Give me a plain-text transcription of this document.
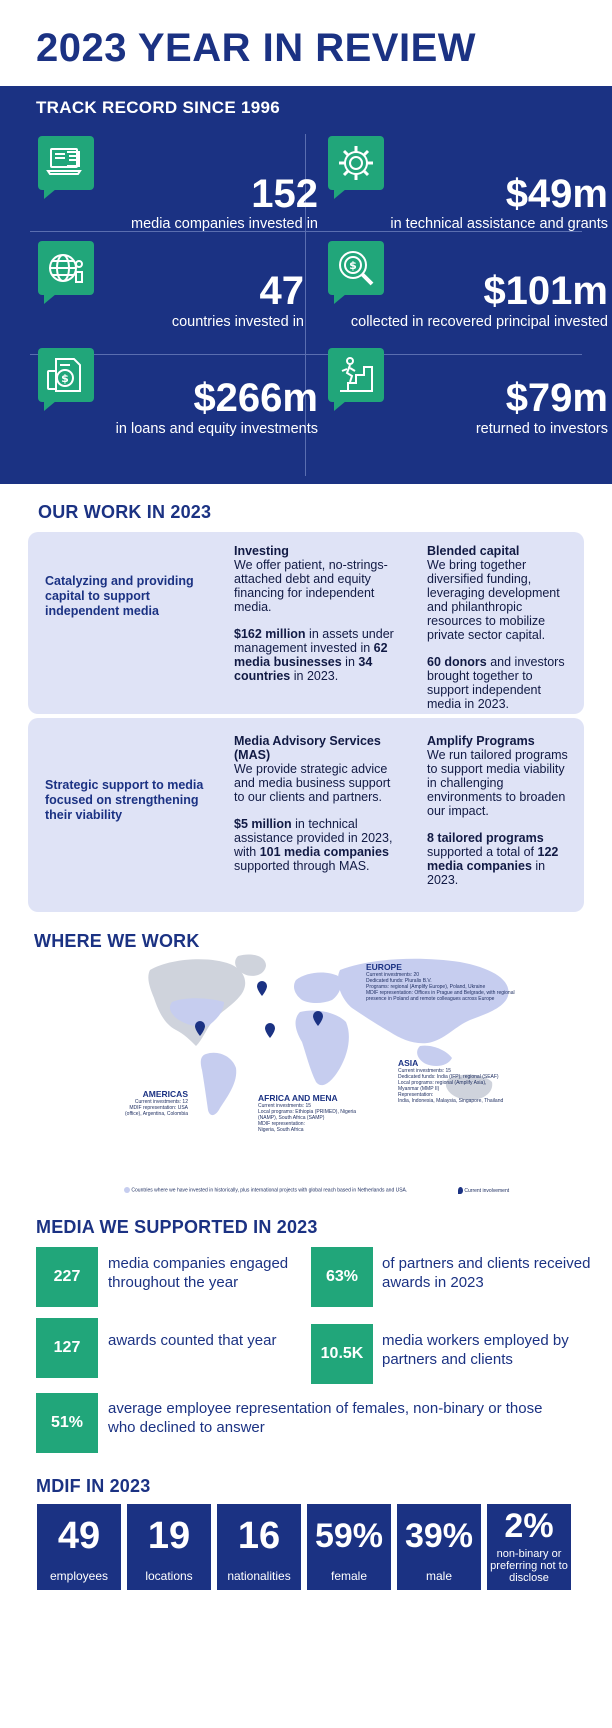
2023 YEAR IN REVIEW
TRACK RECORD SINCE 1996
152
media companies invested in
$49m
in technical assistance and grants
47
countries invested in
$
$101m
collected in recovered principal invested
$	$266m
in loans and equity investments
$79m
returned to investors
OUR WORK IN 2023
Catalyzing and providing capital to support independent media

Investing
We offer patient, no-strings-attached debt and equity financing for independent media.

$162 million in assets under management invested in 62 media businesses in 34 countries in 2023.

Blended capital
We bring together diversified funding, leveraging development and philanthropic resources to mobilize private sector capital.

60 donors and investors brought together to support independent media in 2023.

Strategic support to media focused on strengthening their viability

Media Advisory Services (MAS)
We provide strategic advice and media business support to our clients and partners.

$5 million in technical assistance provided in 2023, with 101 media companies supported through MAS.

Amplify Programs
We run tailored programs to support media viability in challenging environments to broaden our impact.

8 tailored programs supported a total of 122 media companies in 2023.

WHERE WE WORK
EUROPE
Current investments: 20
Dedicated funds: Pluralis B.V.
Programs: regional (Amplify Europe), Poland, Ukraine
MDIF representation: Offices in Prague and Belgrade, with regional
presence in Poland and remote colleagues across Europe
ASIA
Current investments: 15
Dedicated funds: India (IFP), regional (SEAF)
Local programs: regional (Amplify Asia),
Myanmar (MMP II)
Representation:
India, Indonesia, Malaysia, Singapore, Thailand
AMERICAS
Current investments: 12
MDIF representation: USA
(office), Argentina, Colombia
AFRICA AND MENA
Current investments: 15
Local programs: Ethiopia (PRIMED), Nigeria
(NAMP), South Africa (SAMP)
MDIF representation:
Nigeria, South Africa
Countries where we have invested in historically, plus international projects with global reach based in Netherlands and USA.	Current involvement
MEDIA WE SUPPORTED IN 2023
227
media companies engaged throughout the year	63%
of partners and clients received awards in 2023
127	awards counted that year
10.5K
media workers employed by partners and clients
51%
average employee representation of females, non-binary or those who declined to answer
MDIF IN 2023
49
employees
19
locations
16
nationalities
59%
female
39%
male
2%
non-binary or preferring not to disclose
